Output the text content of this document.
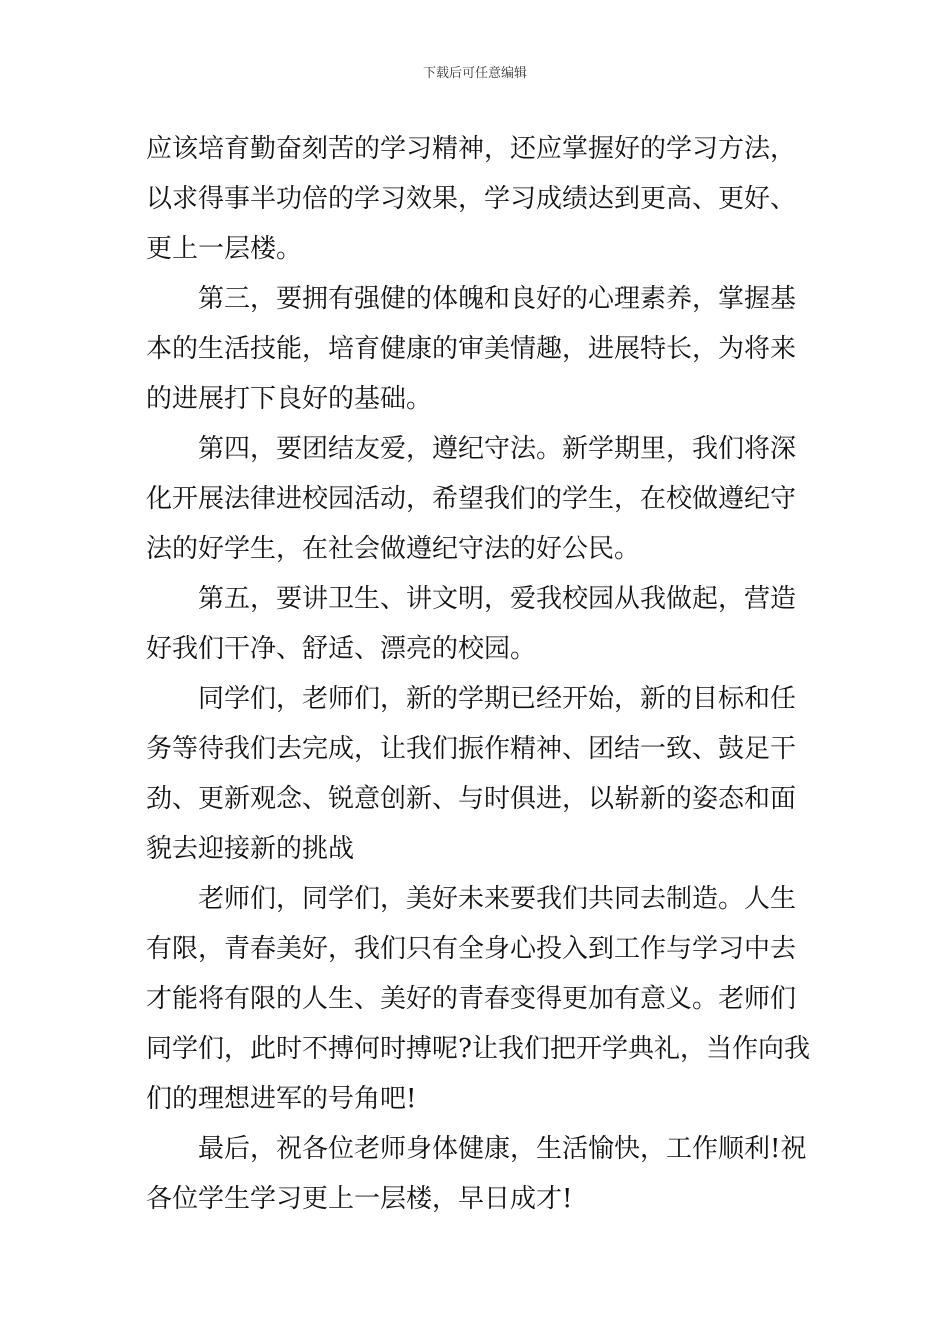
下载后可任意编辑

应该培育勤奋刻苦的学习精神，还应掌握好的学习方法，以求得事半功倍的学习效果，学习成绩达到更高、更好、更上一层楼。

第三，要拥有强健的体魄和良好的心理素养，掌握基本的生活技能，培育健康的审美情趣，进展特长，为将来的进展打下良好的基础。

第四，要团结友爱，遵纪守法。新学期里，我们将深化开展法律进校园活动，希望我们的学生，在校做遵纪守法的好学生，在社会做遵纪守法的好公民。

第五，要讲卫生、讲文明，爱我校园从我做起，营造好我们干净、舒适、漂亮的校园。

同学们，老师们，新的学期已经开始，新的目标和任务等待我们去完成，让我们振作精神、团结一致、鼓足干劲、更新观念、锐意创新、与时俱进，以崭新的姿态和面貌去迎接新的挑战

老师们，同学们，美好未来要我们共同去制造。人生有限，青春美好，我们只有全身心投入到工作与学习中去才能将有限的人生、美好的青春变得更加有意义。老师们同学们，此时不搏何时搏呢?让我们把开学典礼，当作向我们的理想进军的号角吧!

最后，祝各位老师身体健康，生活愉快，工作顺利!祝各位学生学习更上一层楼，早日成才!
